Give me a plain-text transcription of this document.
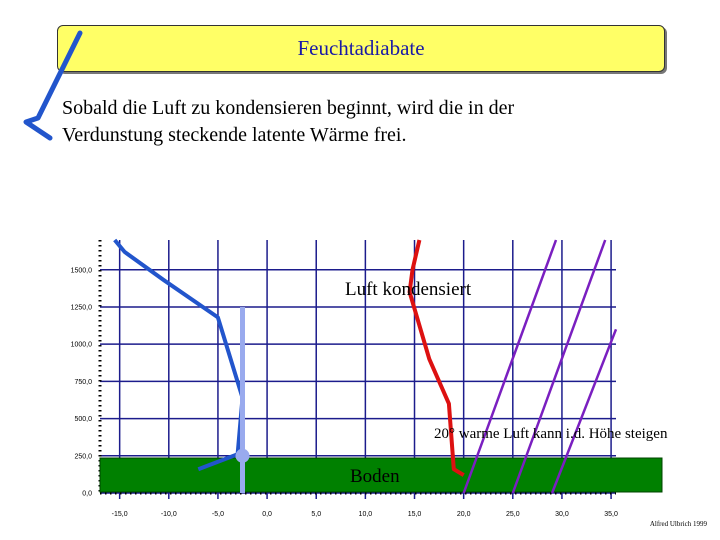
Feuchtadiabate
Sobald die Luft zu kondensieren beginnt, wird die in der
Verdunstung steckende latente Wärme frei.
-15,0	-10,0	-5,0	0,0	5,0	10,0	15,0	20,0	25,0	30,0	35,0
0,0
250,0
500,0
750,0
1000,0
1250,0
1500,0
Luft kondensiert
20° warme Luft kann i.d. Höhe steigen
Boden
Alfred Ulbrich 1999
